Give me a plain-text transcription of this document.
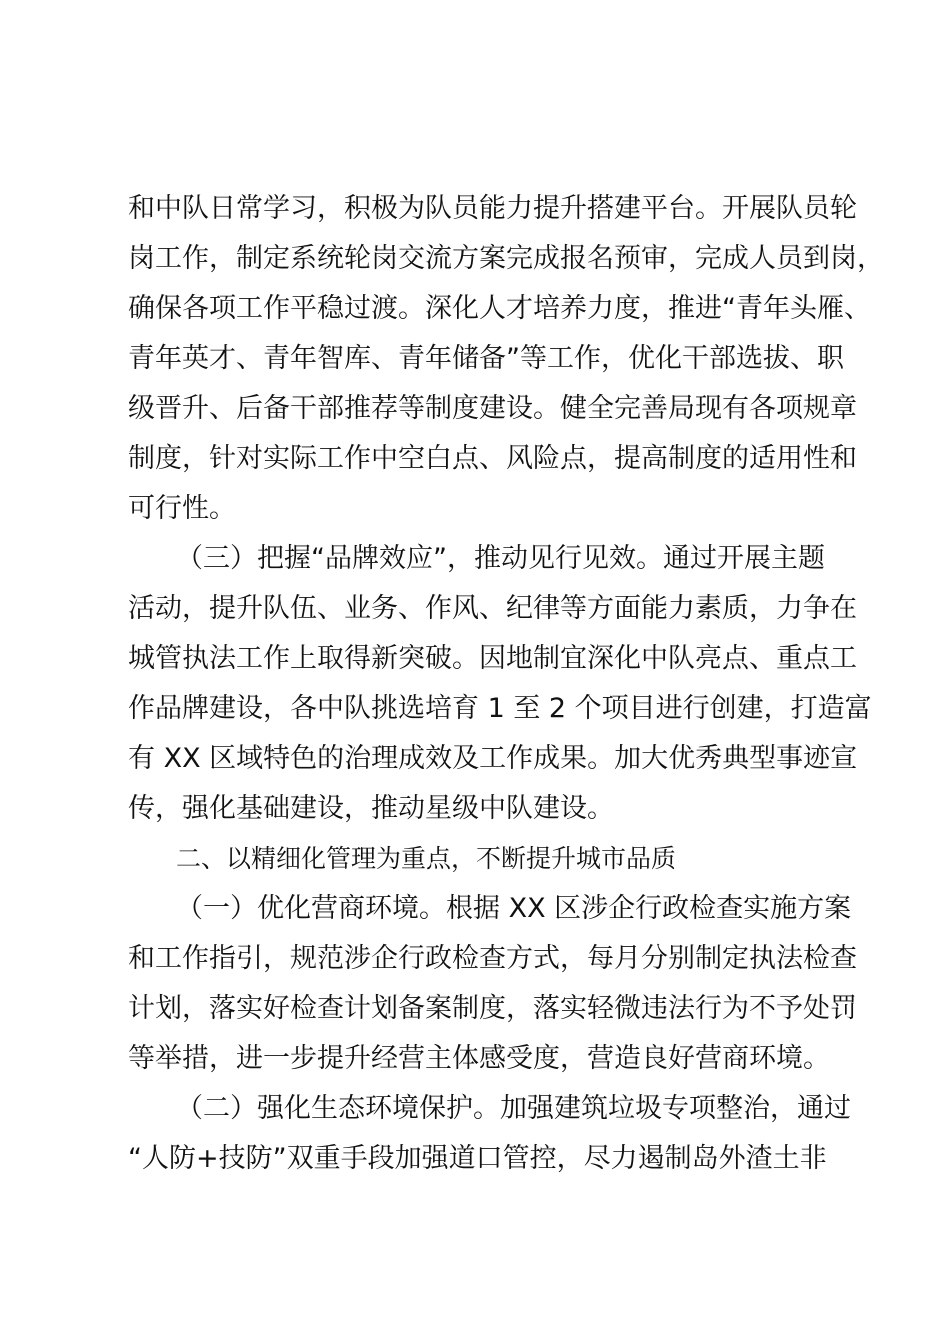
和中队日常学习，积极为队员能力提升搭建平台。开展队员轮
岗工作，制定系统轮岗交流方案完成报名预审，完成人员到岗，
确保各项工作平稳过渡。深化人才培养力度，推进“青年头雁、
青年英才、青年智库、青年储备”等工作，优化干部选拔、职
级晋升、后备干部推荐等制度建设。健全完善局现有各项规章
制度，针对实际工作中空白点、风险点，提高制度的适用性和
可行性。
（三）把握“品牌效应”，推动见行见效。通过开展主题
活动，提升队伍、业务、作风、纪律等方面能力素质，力争在
城管执法工作上取得新突破。因地制宜深化中队亮点、重点工
作品牌建设，各中队挑选培育 1 至 2 个项目进行创建，打造富
有 XX 区域特色的治理成效及工作成果。加大优秀典型事迹宣
传，强化基础建设，推动星级中队建设。
二、以精细化管理为重点，不断提升城市品质
（一）优化营商环境。根据 XX 区涉企行政检查实施方案
和工作指引，规范涉企行政检查方式，每月分别制定执法检查
计划，落实好检查计划备案制度，落实轻微违法行为不予处罚
等举措，进一步提升经营主体感受度，营造良好营商环境。
（二）强化生态环境保护。加强建筑垃圾专项整治，通过
“人防+技防”双重手段加强道口管控，尽力遏制岛外渣土非
